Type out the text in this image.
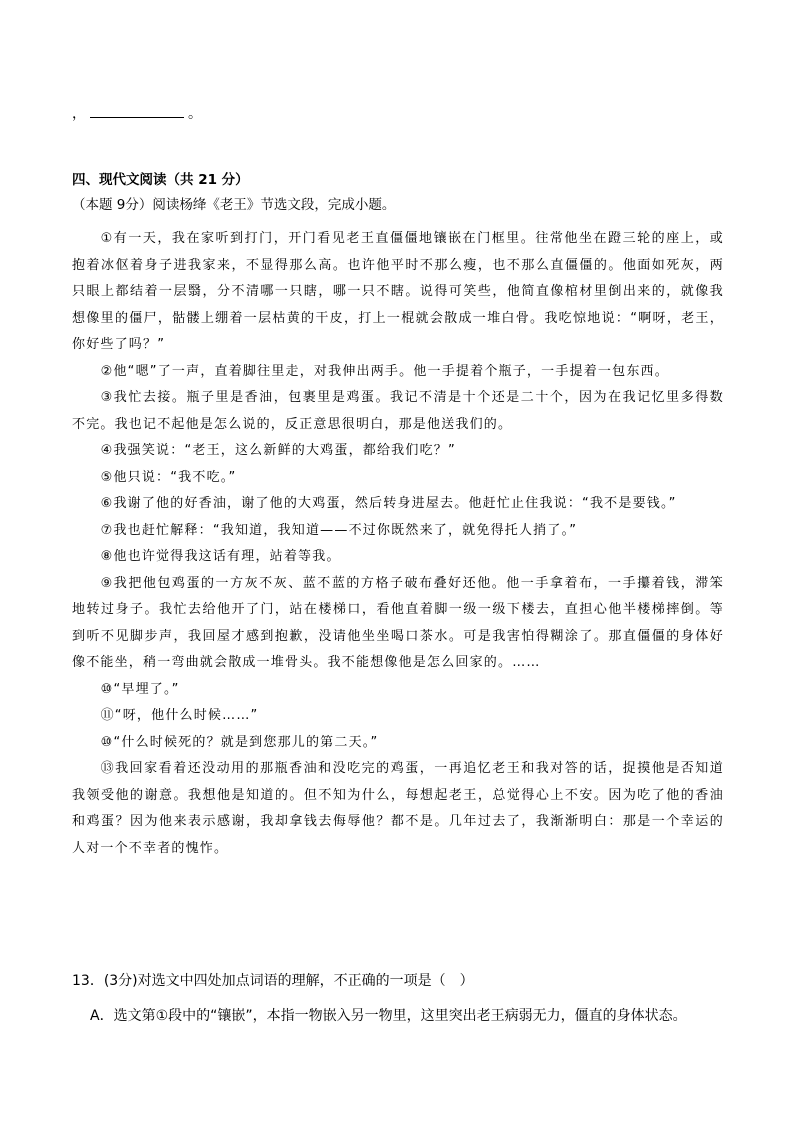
，	。
四、现代文阅读（共 21 分）
（本题 9分）阅读杨绛《老王》节选文段，完成小题。

①有一天，我在家听到打门，开门看见老王直僵僵地镶嵌在门框里。往常他坐在蹬三轮的座上，或抱着冰伛着身子进我家来，不显得那么高。也许他平时不那么瘦，也不那么直僵僵的。他面如死灰，两只眼上都结着一层翳，分不清哪一只瞎，哪一只不瞎。说得可笑些，他简直像棺材里倒出来的，就像我想像里的僵尸，骷髅上绷着一层枯黄的干皮，打上一棍就会散成一堆白骨。我吃惊地说：“啊呀，老王，你好些了吗？”

②他“嗯”了一声，直着脚往里走，对我伸出两手。他一手提着个瓶子，一手提着一包东西。

③我忙去接。瓶子里是香油，包裹里是鸡蛋。我记不清是十个还是二十个，因为在我记忆里多得数不完。我也记不起他是怎么说的，反正意思很明白，那是他送我们的。

④我强笑说：“老王，这么新鲜的大鸡蛋，都给我们吃？”

⑤他只说：“我不吃。”

⑥我谢了他的好香油，谢了他的大鸡蛋，然后转身进屋去。他赶忙止住我说：“我不是要钱。”

⑦我也赶忙解释：“我知道，我知道——不过你既然来了，就免得托人捎了。”

⑧他也许觉得我这话有理，站着等我。

⑨我把他包鸡蛋的一方灰不灰、蓝不蓝的方格子破布叠好还他。他一手拿着布，一手攥着钱，滞笨地转过身子。我忙去给他开了门，站在楼梯口，看他直着脚一级一级下楼去，直担心他半楼梯摔倒。等到听不见脚步声，我回屋才感到抱歉，没请他坐坐喝口茶水。可是我害怕得糊涂了。那直僵僵的身体好像不能坐，稍一弯曲就会散成一堆骨头。我不能想像他是怎么回家的。……

⑩“早埋了。”

⑪“呀，他什么时候……”

⑩“什么时候死的？就是到您那儿的第二天。”

⑬我回家看着还没动用的那瓶香油和没吃完的鸡蛋，一再追忆老王和我对答的话，捉摸他是否知道我领受他的谢意。我想他是知道的。但不知为什么，每想起老王，总觉得心上不安。因为吃了他的香油和鸡蛋？因为他来表示感谢，我却拿钱去侮辱他？都不是。几年过去了，我渐渐明白：那是一个幸运的人对一个不幸者的愧怍。

13．(3分)对选文中四处加点词语的理解，不正确的一项是（　）
A．选文第①段中的“镶嵌”，本指一物嵌入另一物里，这里突出老王病弱无力，僵直的身体状态。
